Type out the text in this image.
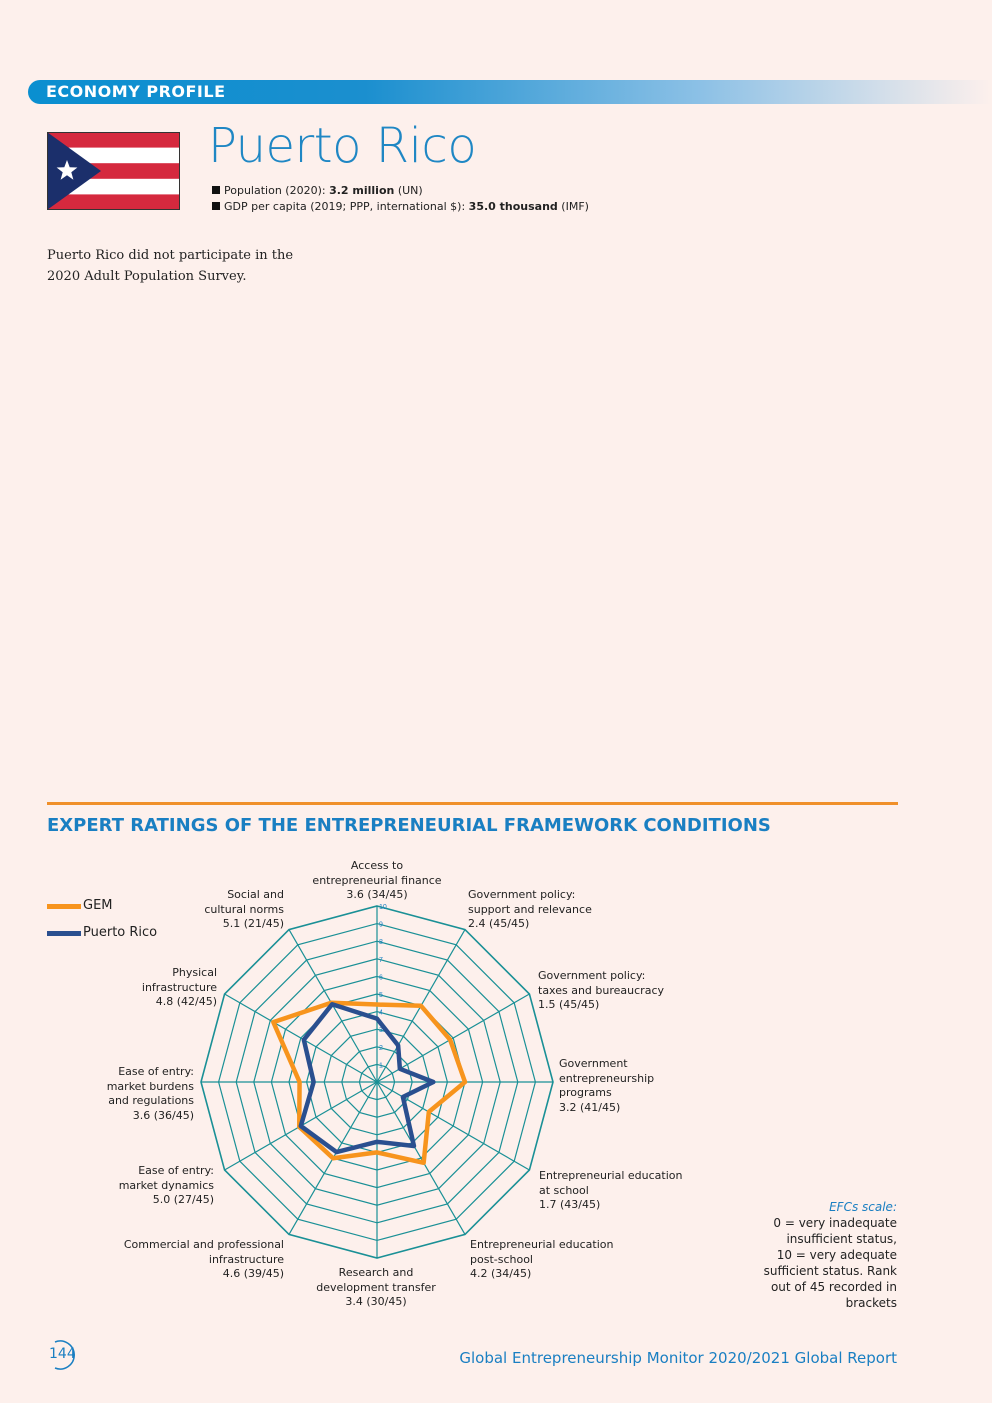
ECONOMY PROFILE
Puerto Rico
Population (2020): 3.2 million (UN)
GDP per capita (2019; PPP, international $): 35.0 thousand (IMF)
Puerto Rico did not participate in the 2020 Adult Population Survey.
EXPERT RATINGS OF THE ENTREPRENEURIAL FRAMEWORK CONDITIONS
GEM
Puerto Rico
1
2
3
4
5
6
7
8
9
10
Access to
entrepreneurial finance
3.6 (34/45)	Government policy:
support and relevance
2.4 (45/45)
Government policy:
taxes and bureaucracy
1.5 (45/45)
Government
entrepreneurship
programs
3.2 (41/45)
Entrepreneurial education
at school
1.7 (43/45)
Entrepreneurial education
post-school
4.2 (34/45)
Research and
development transfer
3.4 (30/45)
Commercial and professional
infrastructure
4.6 (39/45)
Ease of entry:
market dynamics
5.0 (27/45)
Ease of entry:
market burdens
and regulations
3.6 (36/45)
Physical
infrastructure
4.8 (42/45)
Social and
cultural norms
5.1 (21/45)
EFCs scale:
0 = very inadequate
insufficient status,
10 = very adequate
sufficient status. Rank
out of 45 recorded in
brackets
144	Global Entrepreneurship Monitor 2020/2021 Global Report
